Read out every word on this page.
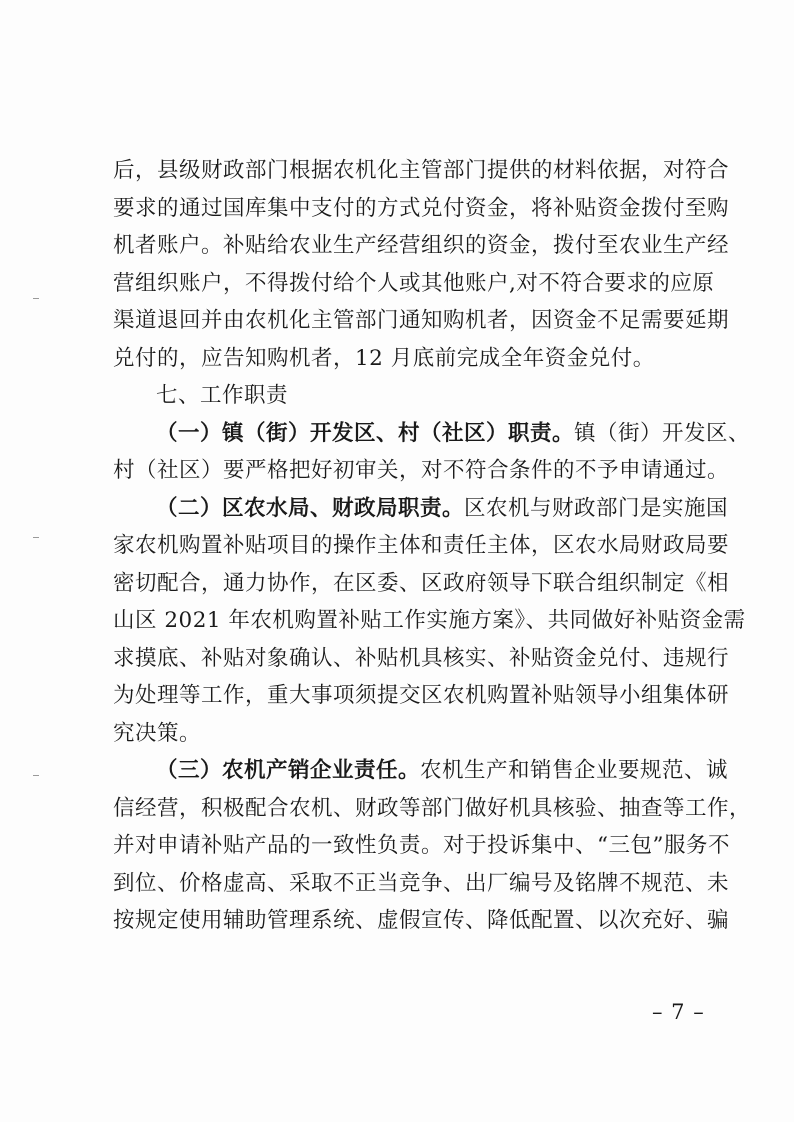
后，县级财政部门根据农机化主管部门提供的材料依据，对符合
要求的通过国库集中支付的方式兑付资金，将补贴资金拨付至购
机者账户。补贴给农业生产经营组织的资金，拨付至农业生产经
营组织账户，不得拨付给个人或其他账户,对不符合要求的应原
渠道退回并由农机化主管部门通知购机者，因资金不足需要延期
兑付的，应告知购机者，12 月底前完成全年资金兑付。
七、工作职责
（一）镇（街）开发区、村（社区）职责。镇（街）开发区、
村（社区）要严格把好初审关，对不符合条件的不予申请通过。
（二）区农水局、财政局职责。区农机与财政部门是实施国
家农机购置补贴项目的操作主体和责任主体，区农水局财政局要
密切配合，通力协作，在区委、区政府领导下联合组织制定《相
山区 2021 年农机购置补贴工作实施方案》、共同做好补贴资金需
求摸底、补贴对象确认、补贴机具核实、补贴资金兑付、违规行
为处理等工作，重大事项须提交区农机购置补贴领导小组集体研
究决策。
（三）农机产销企业责任。农机生产和销售企业要规范、诚
信经营，积极配合农机、财政等部门做好机具核验、抽查等工作，
并对申请补贴产品的一致性负责。对于投诉集中、“三包”服务不
到位、价格虚高、采取不正当竞争、出厂编号及铭牌不规范、未
按规定使用辅助管理系统、虚假宣传、降低配置、以次充好、骗
– 7 –
